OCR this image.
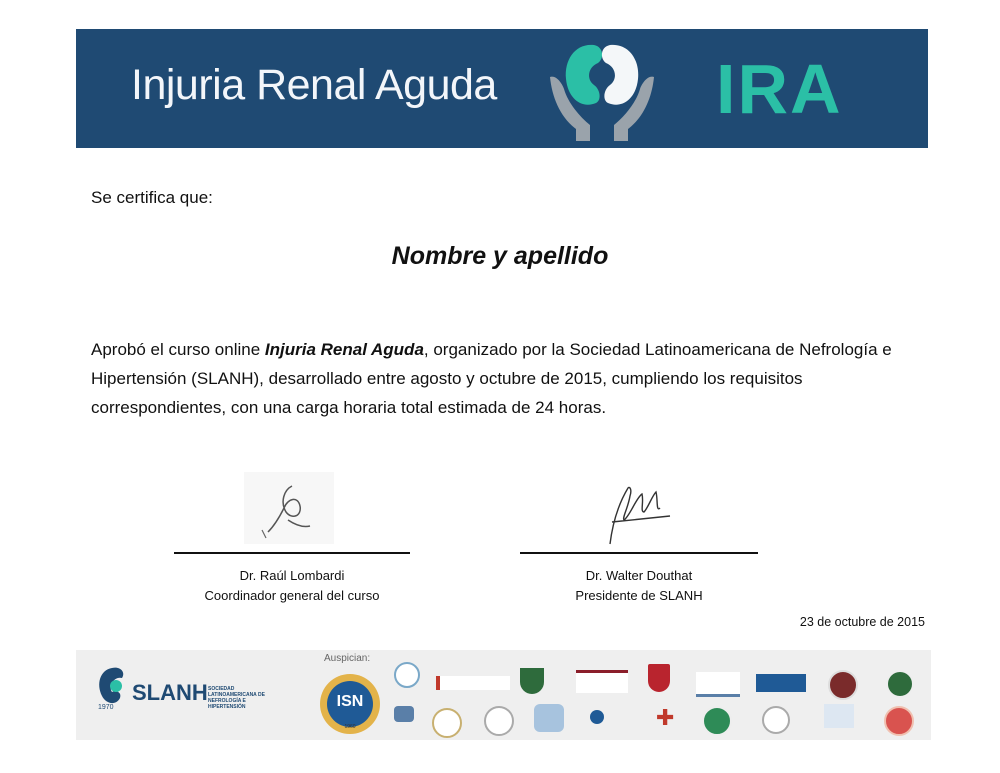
Injuria Renal Aguda	IRA
Se certifica que:
Nombre y apellido
Aprobó el curso online Injuria Renal Aguda, organizado por la Sociedad Latinoamericana de Nefrología e Hipertensión (SLANH), desarrollado entre agosto y octubre de 2015, cumpliendo los requisitos correspondientes, con una carga horaria total estimada de 24 horas.
Dr. Raúl Lombardi
Coordinador general del curso
Dr. Walter Douthat
Presidente de SLANH
23 de octubre de 2015
Auspician:
1970
SLANH SOCIEDAD LATINOAMERICANA DE NEFROLOGÍA E HIPERTENSIÓN	ISN
1960	✚
